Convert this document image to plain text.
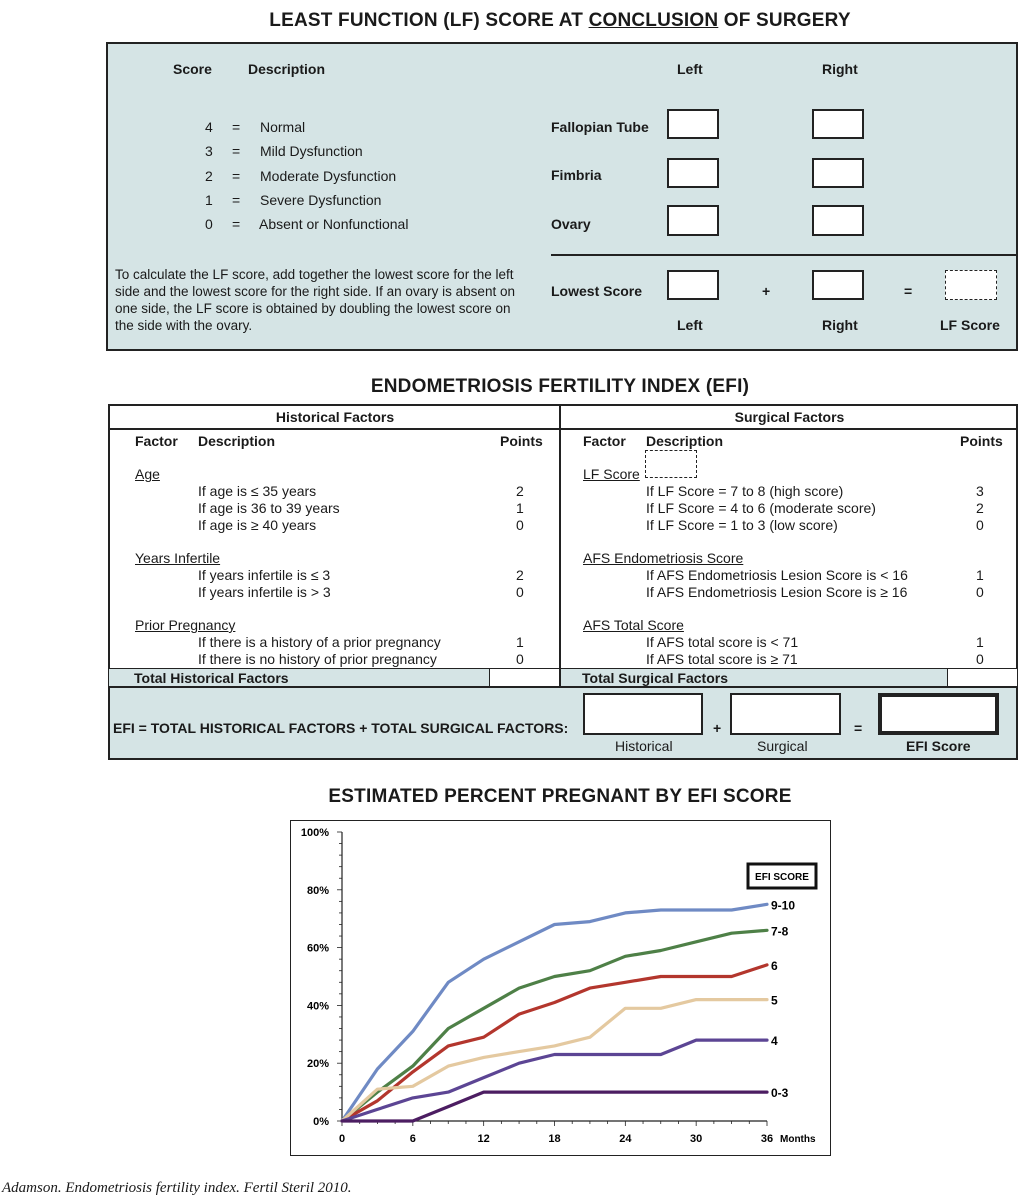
LEAST FUNCTION (LF) SCORE AT CONCLUSION OF SURGERY
Score	Description	Left	Right
4 = Normal
3 = Mild Dysfunction
2 = Moderate Dysfunction
1 = Severe Dysfunction
0 = Absent or Nonfunctional
Fallopian Tube
Fimbria
Ovary
To calculate the LF score, add together the lowest score for the left side and the lowest score for the right side. If an ovary is absent on one side, the LF score is obtained by doubling the lowest score on the side with the ovary.
Lowest Score	+	=
Left	Right	LF Score
ENDOMETRIOSIS FERTILITY INDEX (EFI)
Historical Factors
Factor Description	Points
Age
If age is ≤ 35 years	2
If age is 36 to 39 years	1
If age is ≥ 40 years	0
Years Infertile
If years infertile is ≤ 3	2
If years infertile is > 3	0
Prior Pregnancy
If there is a history of a prior pregnancy	1
If there is no history of prior pregnancy	0
Surgical Factors
Factor Description	Points
LF Score
If LF Score = 7 to 8 (high score)	3
If LF Score = 4 to 6 (moderate score)	2
If LF Score = 1 to 3 (low score)	0
AFS Endometriosis Score
If AFS Endometriosis Lesion Score is < 16	1
If AFS Endometriosis Lesion Score is ≥ 16	0
AFS Total Score
If AFS total score is < 71	1
If AFS total score is ≥ 71	0
Total Historical Factors	Total Surgical Factors
EFI = TOTAL HISTORICAL FACTORS + TOTAL SURGICAL FACTORS:	+	=
Historical	Surgical	EFI Score
ESTIMATED PERCENT PREGNANT BY EFI SCORE
0%
20%
40%
60%
80%
100%
0	6	12	18	24	30	36 Months
9-10
7-8
6
5
4
0-3
EFI SCORE
Adamson. Endometriosis fertility index. Fertil Steril 2010.
